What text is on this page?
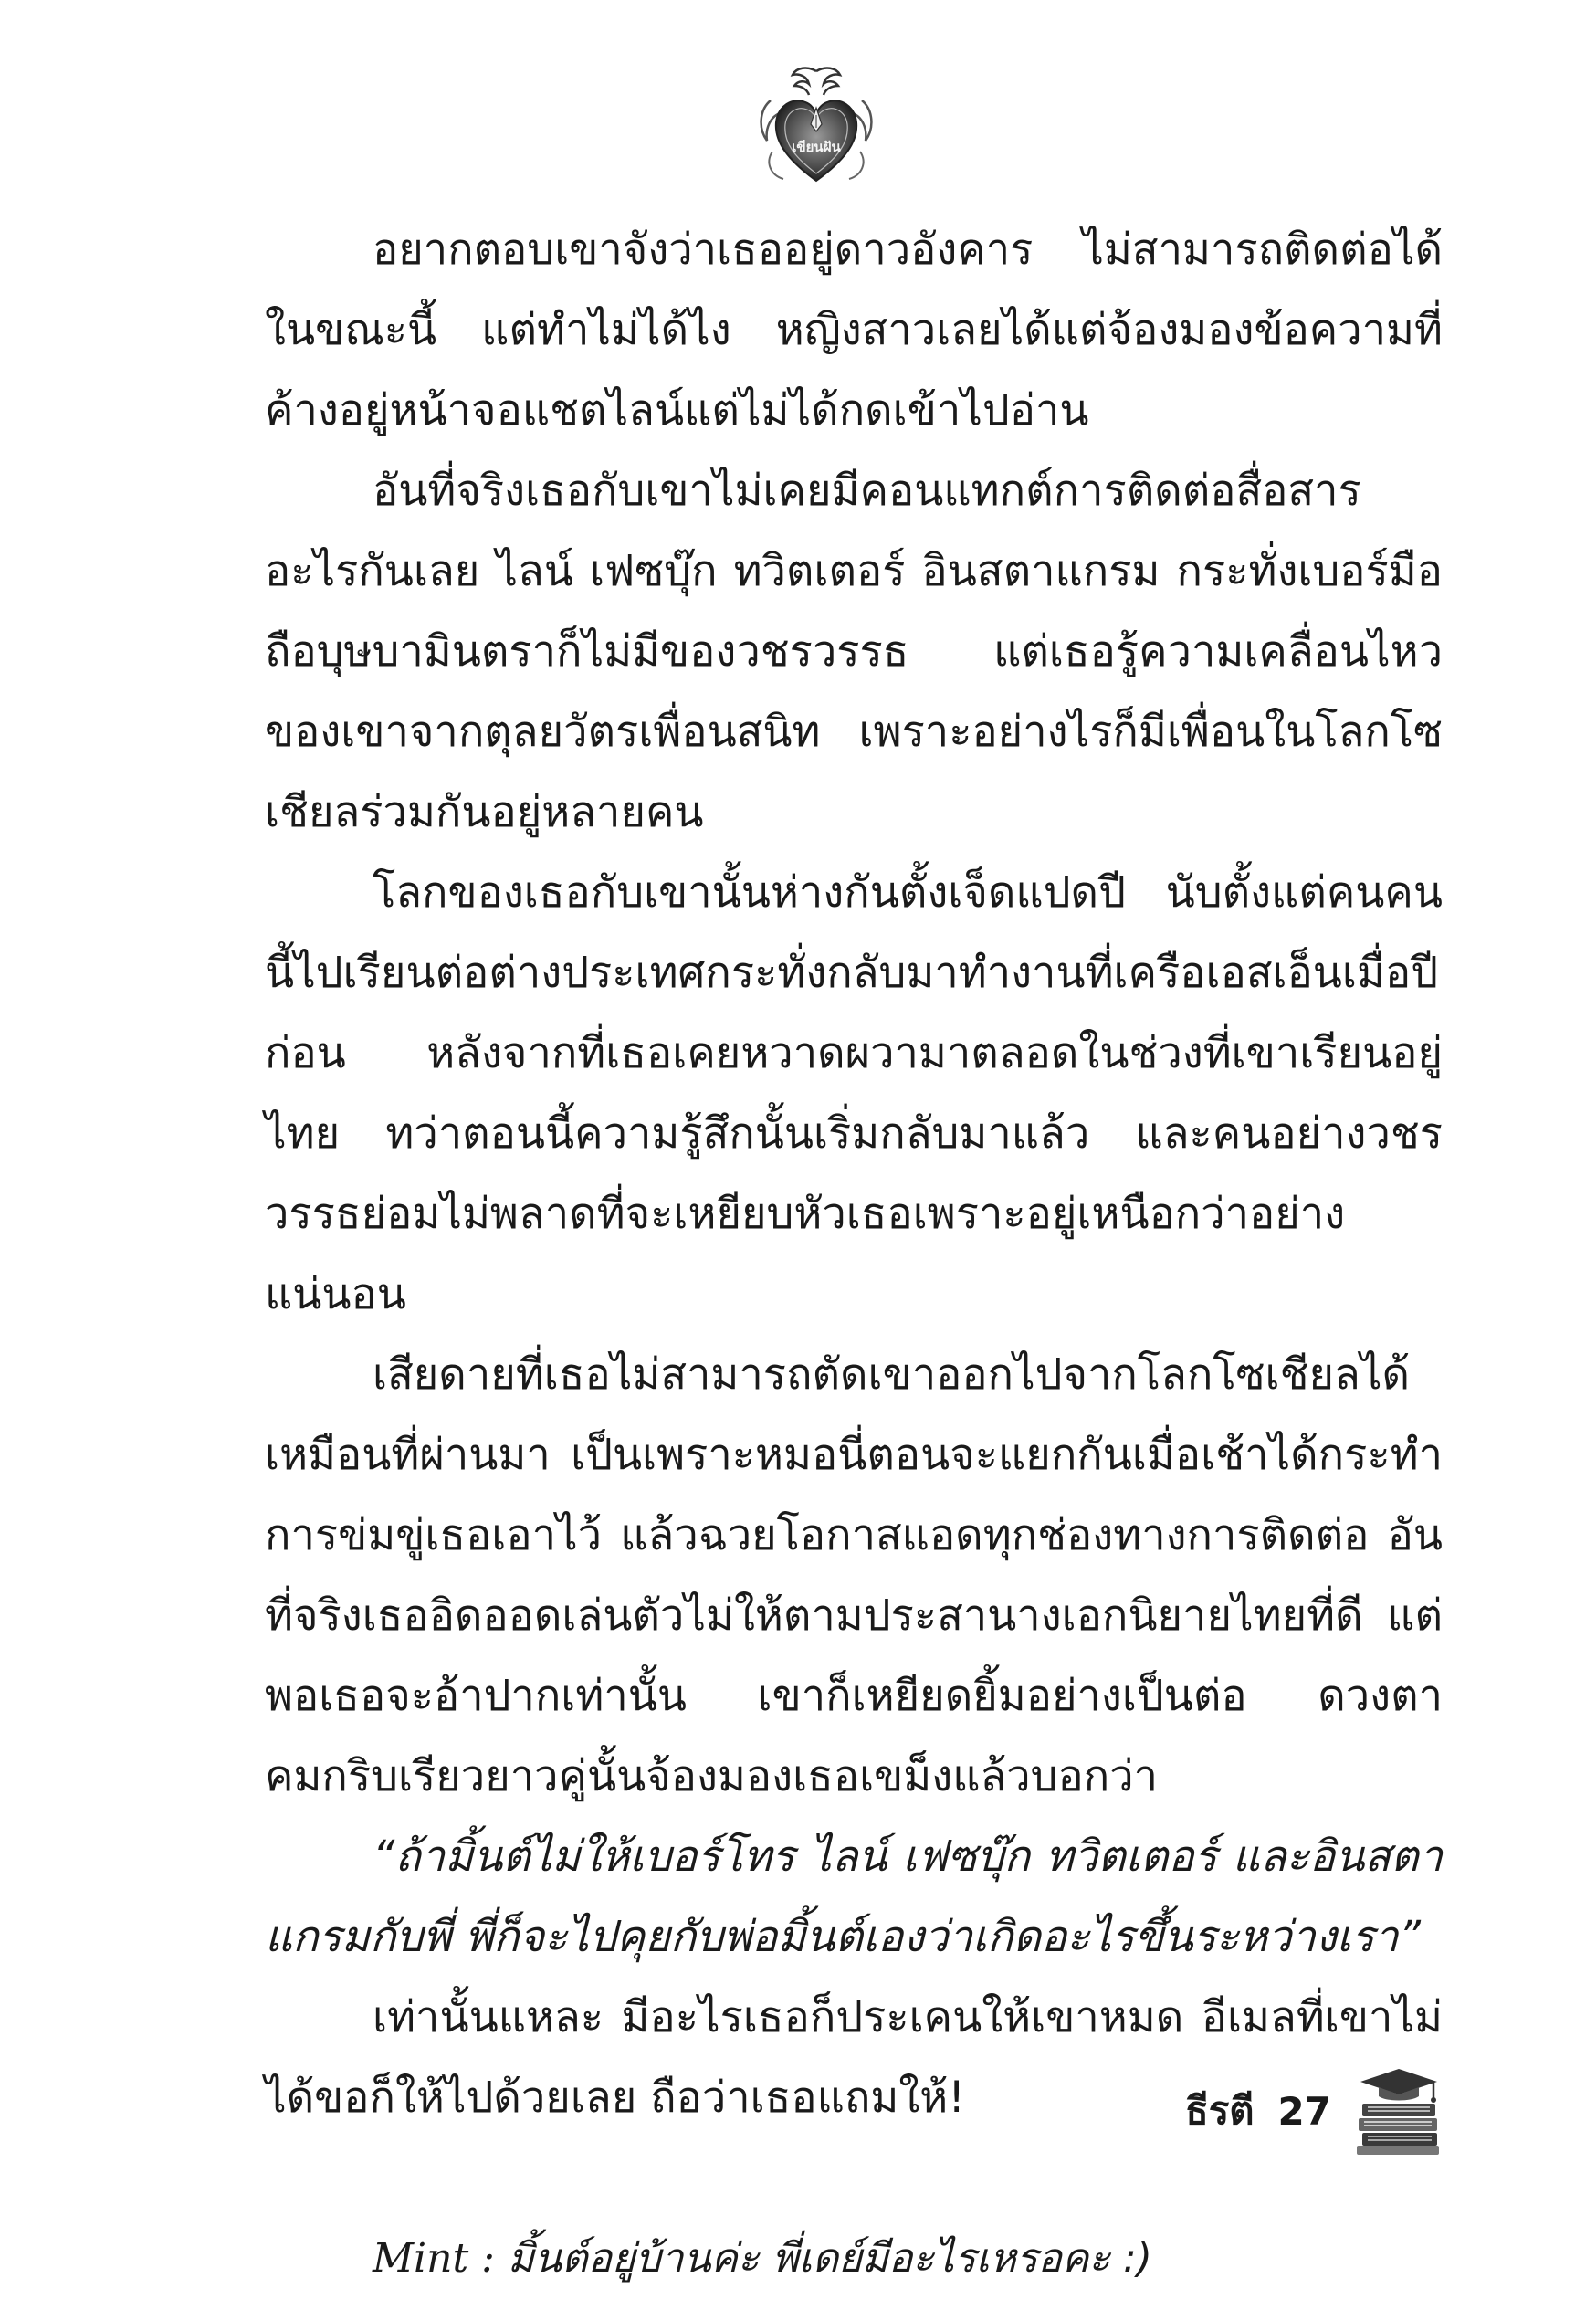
เขียนฝัน

อยากตอบเขาจังว่าเธออยู่ดาวอังคาร ไม่สามารถติดต่อได้ในขณะนี้ แต่ทำไม่ได้ไง หญิงสาวเลยได้แต่จ้องมองข้อความที่ค้างอยู่หน้าจอแชตไลน์แต่ไม่ได้กดเข้าไปอ่าน

อันที่จริงเธอกับเขาไม่เคยมีคอนแทกต์การติดต่อสื่อสารอะไรกันเลย ไลน์ เฟซบุ๊ก ทวิตเตอร์ อินสตาแกรม กระทั่งเบอร์มือถือบุษบามินตราก็ไม่มีของวชรวรรธ แต่เธอรู้ความเคลื่อนไหวของเขาจากตุลยวัตรเพื่อนสนิท เพราะอย่างไรก็มีเพื่อนในโลกโซเชียลร่วมกันอยู่หลายคน

โลกของเธอกับเขานั้นห่างกันตั้งเจ็ดแปดปี นับตั้งแต่คนคนนี้ไปเรียนต่อต่างประเทศกระทั่งกลับมาทำงานที่เครือเอสเอ็นเมื่อปีก่อน หลังจากที่เธอเคยหวาดผวามาตลอดในช่วงที่เขาเรียนอยู่ไทย ทว่าตอนนี้ความรู้สึกนั้นเริ่มกลับมาแล้ว และคนอย่างวชรวรรธย่อมไม่พลาดที่จะเหยียบหัวเธอเพราะอยู่เหนือกว่าอย่างแน่นอน

เสียดายที่เธอไม่สามารถตัดเขาออกไปจากโลกโซเชียลได้เหมือนที่ผ่านมา เป็นเพราะหมอนี่ตอนจะแยกกันเมื่อเช้าได้กระทำการข่มขู่เธอเอาไว้ แล้วฉวยโอกาสแอดทุกช่องทางการติดต่อ อันที่จริงเธออิดออดเล่นตัวไม่ให้ตามประสานางเอกนิยายไทยที่ดี แต่พอเธอจะอ้าปากเท่านั้น เขาก็เหยียดยิ้มอย่างเป็นต่อ ดวงตาคมกริบเรียวยาวคู่นั้นจ้องมองเธอเขม็งแล้วบอกว่า

“ถ้ามิ้นต์ไม่ให้เบอร์โทร ไลน์ เฟซบุ๊ก ทวิตเตอร์ และอินสตาแกรมกับพี่ พี่ก็จะไปคุยกับพ่อมิ้นต์เองว่าเกิดอะไรขึ้นระหว่างเรา”

เท่านั้นแหละ มีอะไรเธอก็ประเคนให้เขาหมด อีเมลที่เขาไม่ได้ขอก็ให้ไปด้วยเลย ถือว่าเธอแถมให้!

Mint : มิ้นต์อยู่บ้านค่ะ พี่เดย์มีอะไรเหรอคะ :)

ธีรตี 27
